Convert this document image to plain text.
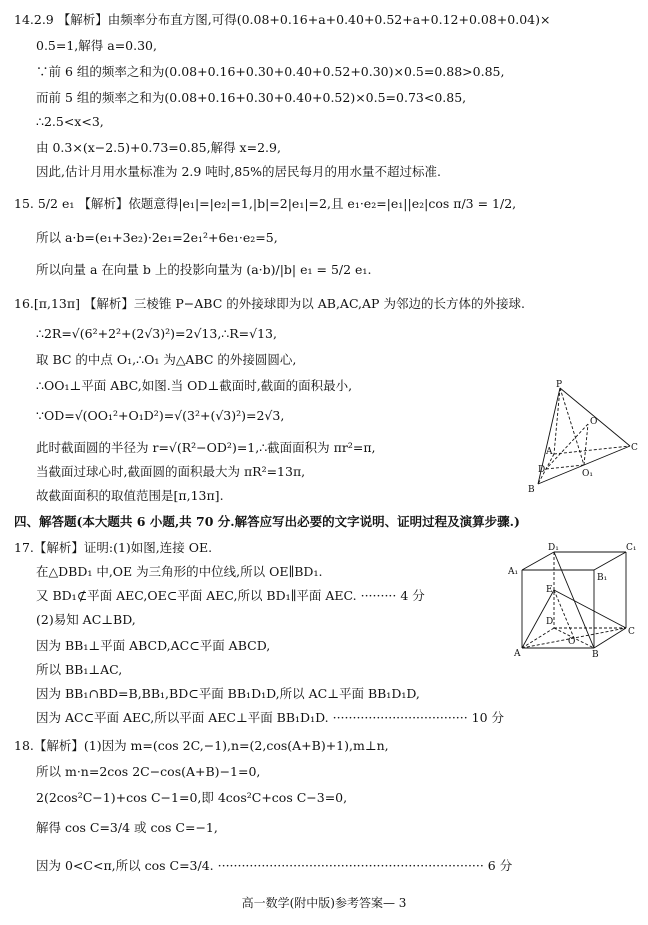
14.2.9 【解析】由频率分布直方图,可得(0.08+0.16+a+0.40+0.52+a+0.12+0.08+0.04)×
0.5=1,解得 a=0.30,
∵前 6 组的频率之和为(0.08+0.16+0.30+0.40+0.52+0.30)×0.5=0.88>0.85,
而前 5 组的频率之和为(0.08+0.16+0.30+0.40+0.52)×0.5=0.73<0.85,
∴2.5<x<3,
由 0.3×(x−2.5)+0.73=0.85,解得 x=2.9,
因此,估计月用水量标准为 2.9 吨时,85%的居民每月的用水量不超过标准.
15. 5/2 e₁ 【解析】依题意得|e₁|=|e₂|=1,|b|=2|e₁|=2,且 e₁·e₂=|e₁||e₂|cos π/3 = 1/2,
所以 a·b=(e₁+3e₂)·2e₁=2e₁²+6e₁·e₂=5,
所以向量 a 在向量 b 上的投影向量为 (a·b)/|b| e₁ = 5/2 e₁.
16.[π,13π] 【解析】三棱锥 P−ABC 的外接球即为以 AB,AC,AP 为邻边的长方体的外接球.
∴2R=√(6²+2²+(2√3)²)=2√13,∴R=√13,
取 BC 的中点 O₁,∴O₁ 为△ABC 的外接圆圆心,
∴OO₁⊥平面 ABC,如图.当 OD⊥截面时,截面的面积最小,
∵OD=√(OO₁²+O₁D²)=√(3²+(√3)²)=2√3,
此时截面圆的半径为 r=√(R²−OD²)=1,∴截面面积为 πr²=π,
当截面过球心时,截面圆的面积最大为 πR²=13π,
故截面面积的取值范围是[π,13π].
四、解答题(本大题共 6 小题,共 70 分.解答应写出必要的文字说明、证明过程及演算步骤.)
17.【解析】证明:(1)如图,连接 OE.
在△DBD₁ 中,OE 为三角形的中位线,所以 OE∥BD₁.
又 BD₁⊄平面 AEC,OE⊂平面 AEC,所以 BD₁∥平面 AEC. ········· 4 分
(2)易知 AC⊥BD,
因为 BB₁⊥平面 ABCD,AC⊂平面 ABCD,
所以 BB₁⊥AC,
因为 BB₁∩BD=B,BB₁,BD⊂平面 BB₁D₁D,所以 AC⊥平面 BB₁D₁D,
因为 AC⊂平面 AEC,所以平面 AEC⊥平面 BB₁D₁D. ·································· 10 分
18.【解析】(1)因为 m=(cos 2C,−1),n=(2,cos(A+B)+1),m⊥n,
所以 m·n=2cos 2C−cos(A+B)−1=0,
2(2cos²C−1)+cos C−1=0,即 4cos²C+cos C−3=0,
解得 cos C=3/4 或 cos C=−1,
因为 0<C<π,所以 cos C=3/4. ··································································· 6 分
P
A
D
O
O₁
B
C
D₁	C₁
A₁
B₁
E
D
O
A	B
C
高一数学(附中版)参考答案— 3
